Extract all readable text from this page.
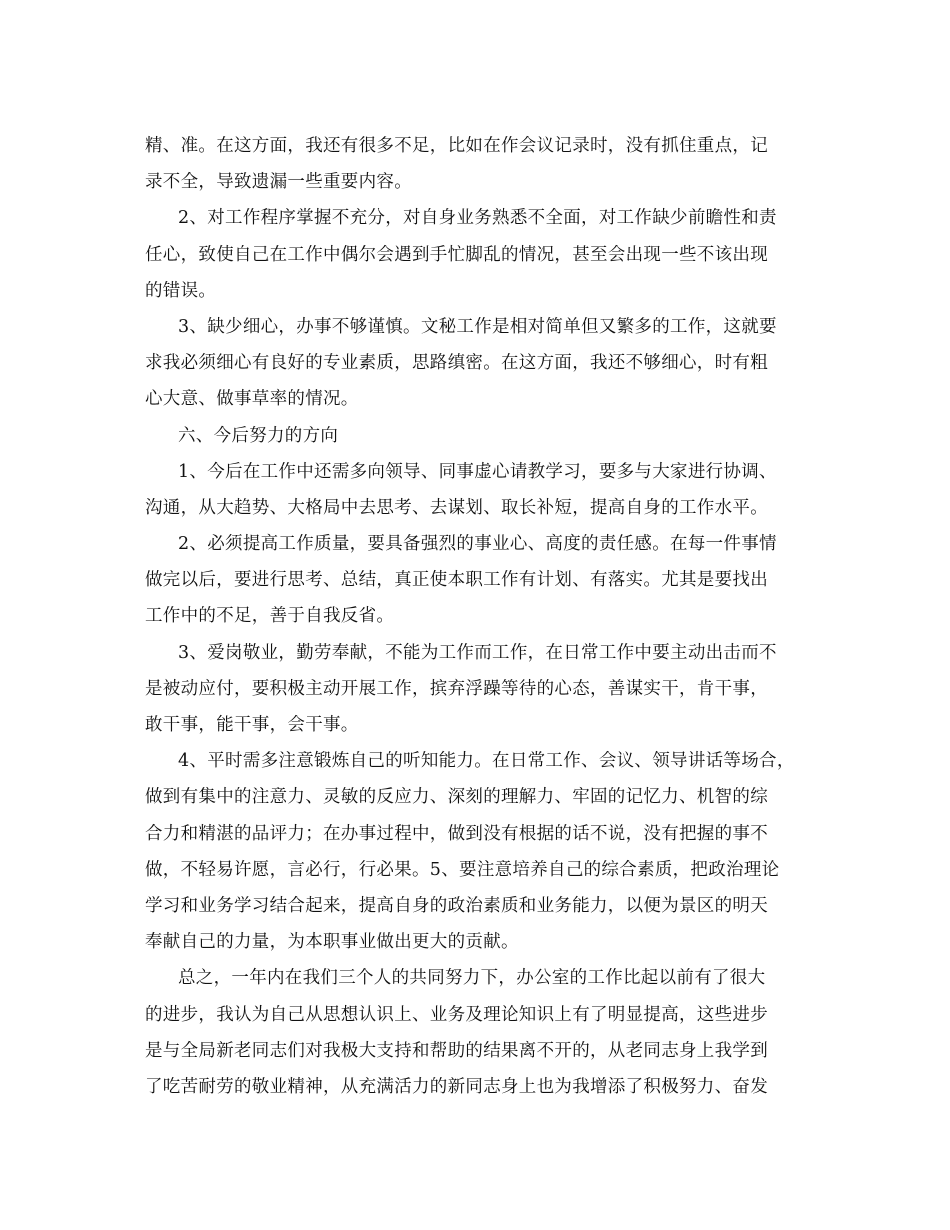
精、准。在这方面，我还有很多不足，比如在作会议记录时，没有抓住重点，记
录不全，导致遗漏一些重要内容。
2、对工作程序掌握不充分，对自身业务熟悉不全面，对工作缺少前瞻性和责
任心，致使自己在工作中偶尔会遇到手忙脚乱的情况，甚至会出现一些不该出现
的错误。
3、缺少细心，办事不够谨慎。文秘工作是相对简单但又繁多的工作，这就要
求我必须细心有良好的专业素质，思路缜密。在这方面，我还不够细心，时有粗
心大意、做事草率的情况。
六、今后努力的方向
1、今后在工作中还需多向领导、同事虚心请教学习，要多与大家进行协调、
沟通，从大趋势、大格局中去思考、去谋划、取长补短，提高自身的工作水平。
2、必须提高工作质量，要具备强烈的事业心、高度的责任感。在每一件事情
做完以后，要进行思考、总结，真正使本职工作有计划、有落实。尤其是要找出
工作中的不足，善于自我反省。
3、爱岗敬业，勤劳奉献，不能为工作而工作，在日常工作中要主动出击而不
是被动应付，要积极主动开展工作，摈弃浮躁等待的心态，善谋实干，肯干事，
敢干事，能干事，会干事。
4、平时需多注意锻炼自己的听知能力。在日常工作、会议、领导讲话等场合，
做到有集中的注意力、灵敏的反应力、深刻的理解力、牢固的记忆力、机智的综
合力和精湛的品评力；在办事过程中，做到没有根据的话不说，没有把握的事不
做，不轻易许愿，言必行，行必果。5、要注意培养自己的综合素质，把政治理论
学习和业务学习结合起来，提高自身的政治素质和业务能力，以便为景区的明天
奉献自己的力量，为本职事业做出更大的贡献。
总之，一年内在我们三个人的共同努力下，办公室的工作比起以前有了很大
的进步，我认为自己从思想认识上、业务及理论知识上有了明显提高，这些进步
是与全局新老同志们对我极大支持和帮助的结果离不开的，从老同志身上我学到
了吃苦耐劳的敬业精神，从充满活力的新同志身上也为我增添了积极努力、奋发
